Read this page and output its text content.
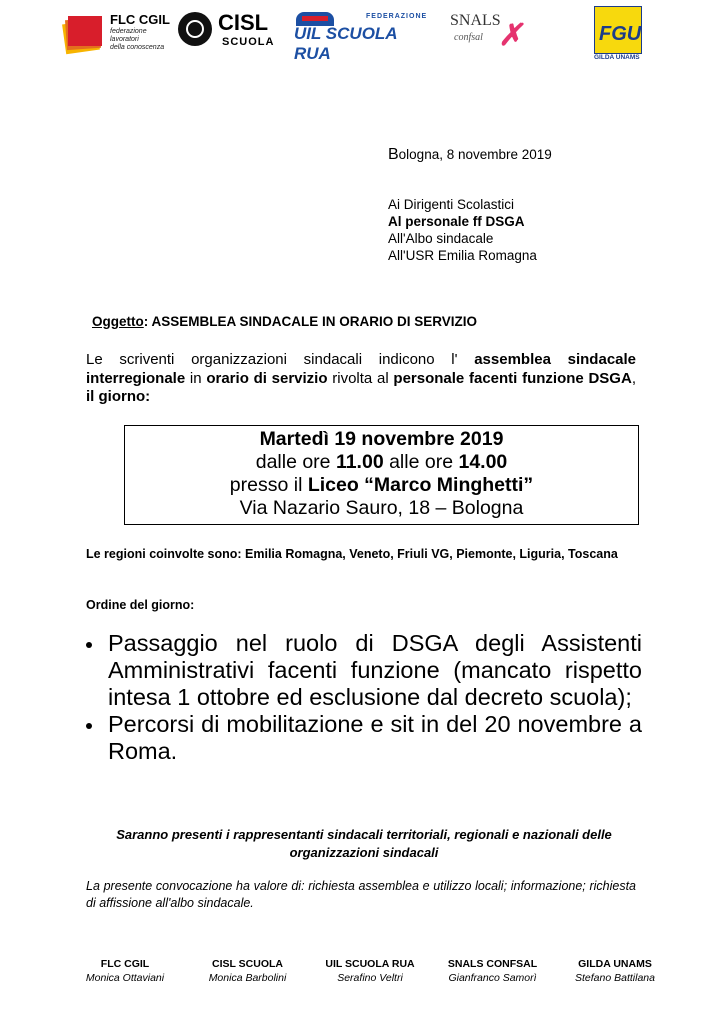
FLC CGIL
federazione
lavoratori
della conoscenza
CISL
SCUOLA
FEDERAZIONE
UIL SCUOLA RUA
SNALS
confsal ✗	FGU
GILDA UNAMS
Bologna, 8 novembre 2019
Ai Dirigenti Scolastici
Al personale ff DSGA
All'Albo sindacale
All'USR Emilia Romagna
Oggetto: ASSEMBLEA SINDACALE IN ORARIO DI SERVIZIO
Le scriventi organizzazioni sindacali indicono l' assemblea sindacale interregionale in orario di servizio rivolta al personale facenti funzione DSGA, il giorno:
Martedì 19 novembre 2019
dalle ore 11.00 alle ore 14.00
presso il Liceo “Marco Minghetti”
Via Nazario Sauro, 18 – Bologna
Le regioni coinvolte sono: Emilia Romagna, Veneto, Friuli VG, Piemonte, Liguria, Toscana
Ordine del giorno:
Passaggio nel ruolo di DSGA degli Assistenti Amministrativi facenti funzione (mancato rispetto intesa 1 ottobre ed esclusione dal decreto scuola);
Percorsi di mobilitazione e sit in del 20 novembre a Roma.
Saranno presenti i rappresentanti sindacali territoriali, regionali e nazionali delle organizzazioni sindacali
La presente convocazione ha valore di: richiesta assemblea e utilizzo locali; informazione; richiesta di affissione all'albo sindacale.
FLC CGIL
Monica Ottaviani
CISL SCUOLA
Monica Barbolini
UIL SCUOLA RUA
Serafino Veltri
SNALS CONFSAL
Gianfranco Samorì
GILDA UNAMS
Stefano Battilana
